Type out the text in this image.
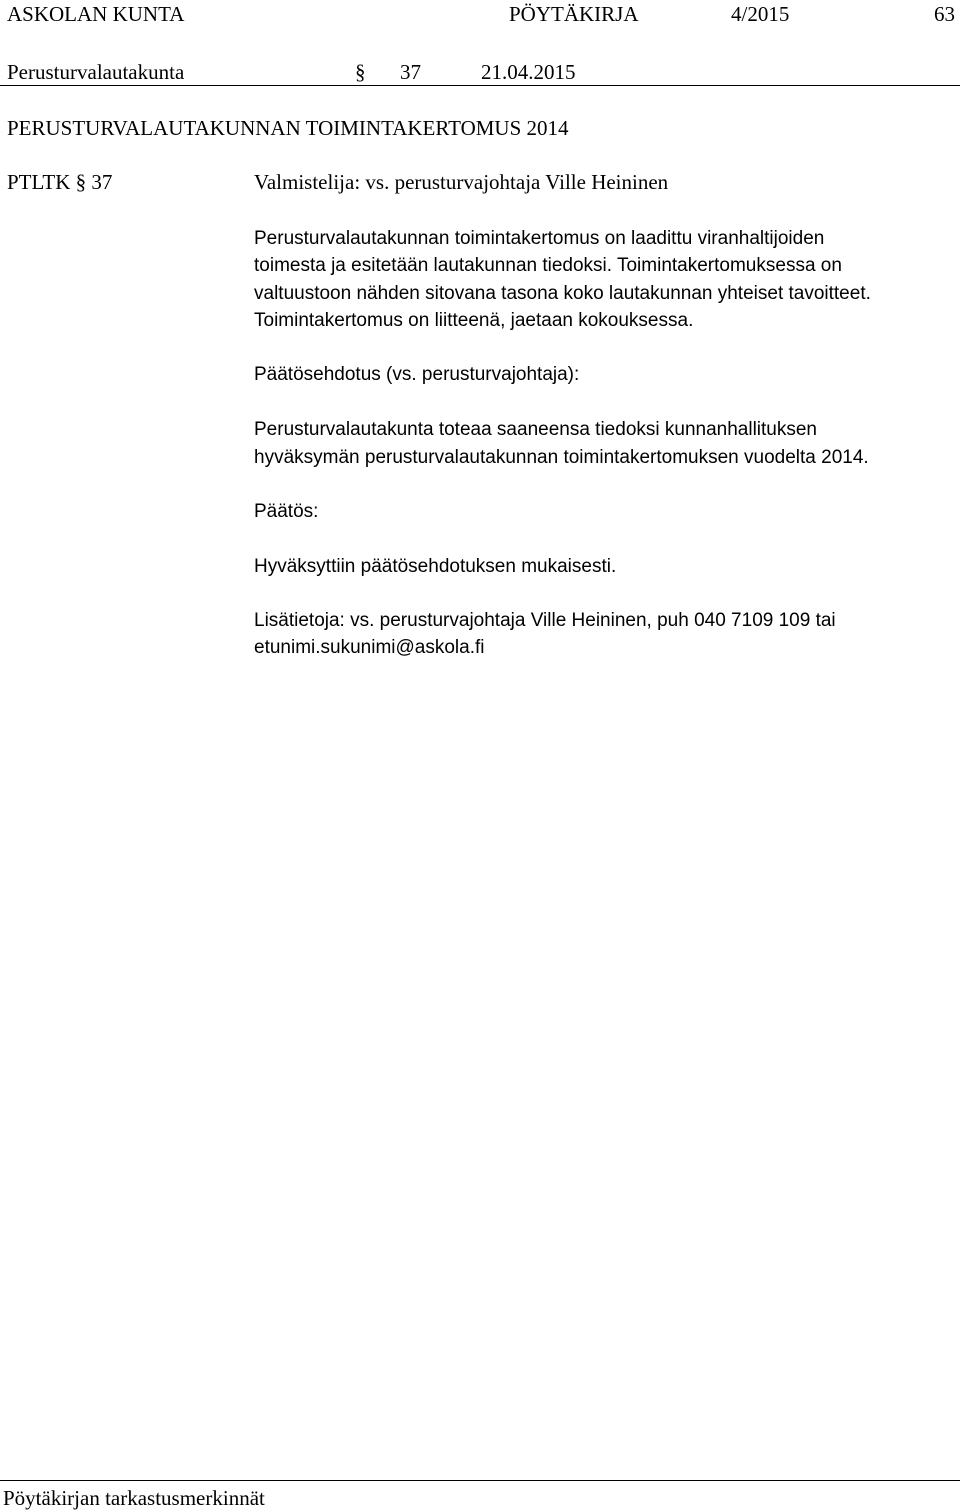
ASKOLAN KUNTA	PÖYTÄKIRJA	4/2015	63
Perusturvalautakunta	§ 37	21.04.2015
PERUSTURVALAUTAKUNNAN TOIMINTAKERTOMUS 2014
PTLTK § 37	Valmistelija: vs. perusturvajohtaja Ville Heininen
Perusturvalautakunnan toimintakertomus on laadittu viranhaltijoiden
toimesta ja esitetään lautakunnan tiedoksi. Toimintakertomuksessa on
valtuustoon nähden sitovana tasona koko lautakunnan yhteiset tavoitteet.
Toimintakertomus on liitteenä, jaetaan kokouksessa.
Päätösehdotus (vs. perusturvajohtaja):
Perusturvalautakunta toteaa saaneensa tiedoksi kunnanhallituksen
hyväksymän perusturvalautakunnan toimintakertomuksen vuodelta 2014.
Päätös:
Hyväksyttiin päätösehdotuksen mukaisesti.
Lisätietoja: vs. perusturvajohtaja Ville Heininen, puh 040 7109 109 tai
etunimi.sukunimi@askola.fi
Pöytäkirjan tarkastusmerkinnät
